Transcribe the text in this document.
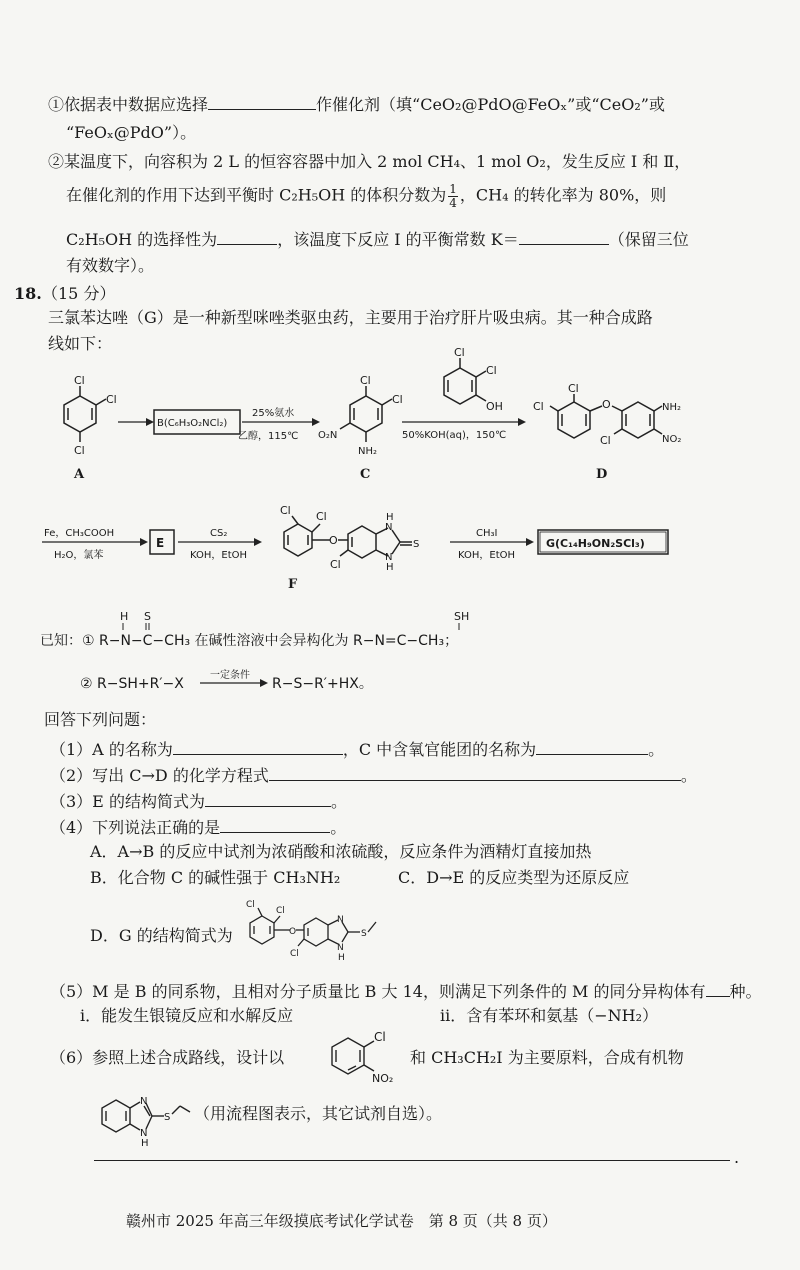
①依据表中数据应选择	作催化剂（填“CeO₂@PdO@FeOₓ”或“CeO₂”或
“FeOₓ@PdO”）。
②某温度下，向容积为 2 L 的恒容容器中加入 2 mol CH₄、1 mol O₂，发生反应 Ⅰ 和 Ⅱ，
在催化剂的作用下达到平衡时 C₂H₅OH 的体积分数为 $\frac{1}{4}$ ，CH₄ 的转化率为 80%，则
C₂H₅OH 的选择性为	，该温度下反应 Ⅰ 的平衡常数 K＝	（保留三位
有效数字）。
18. （15 分）
三氯苯达唑（G）是一种新型咪唑类驱虫药，主要用于治疗肝片吸虫病。其一种合成路
线如下：
Cl
Cl
Cl
A
B(C₆H₃O₂NCl₂)
25%氨水
乙醇，115℃
Cl
Cl
O₂N
NH₂
C
Cl
Cl
OH
50%KOH(aq)，150℃
Cl
Cl	O	NH₂
NO₂
Cl
D
Fe，CH₃COOH
H₂O，氯苯
E
CS₂
KOH，EtOH
Cl Cl
O
Cl
H
N
N
H
S
F
CH₃I
KOH，EtOH
G(C₁₄H₉ON₂SCl₃)
H S	SH
已知：① R−N−C−CH₃ 在碱性溶液中会异构化为 R−N=C−CH₃；
② R−SH+R′−X
一定条件
R−S−R′+HX。
回答下列问题：
（1）A 的名称为	，C 中含氧官能团的名称为	。
（2）写出 C→D 的化学方程式	。
（3）E 的结构简式为	。
（4）下列说法正确的是	。
A．A→B 的反应中试剂为浓硝酸和浓硫酸，反应条件为酒精灯直接加热
B．化合物 C 的碱性强于 CH₃NH₂	C．D→E 的反应类型为还原反应
D．G 的结构简式为
Cl
Cl
O
Cl
N
N
H
S
（5）M 是 B 的同系物，且相对分子质量比 B 大 14，则满足下列条件的 M 的同分异构体有 种。
i．能发生银镜反应和水解反应	ii．含有苯环和氨基（−NH₂）
（6）参照上述合成路线，设计以
Cl
NO₂
和 CH₃CH₂I 为主要原料，合成有机物
N
N
H
S （用流程图表示，其它试剂自选）。
.
赣州市 2025 年高三年级摸底考试化学试卷　第 8 页（共 8 页）
